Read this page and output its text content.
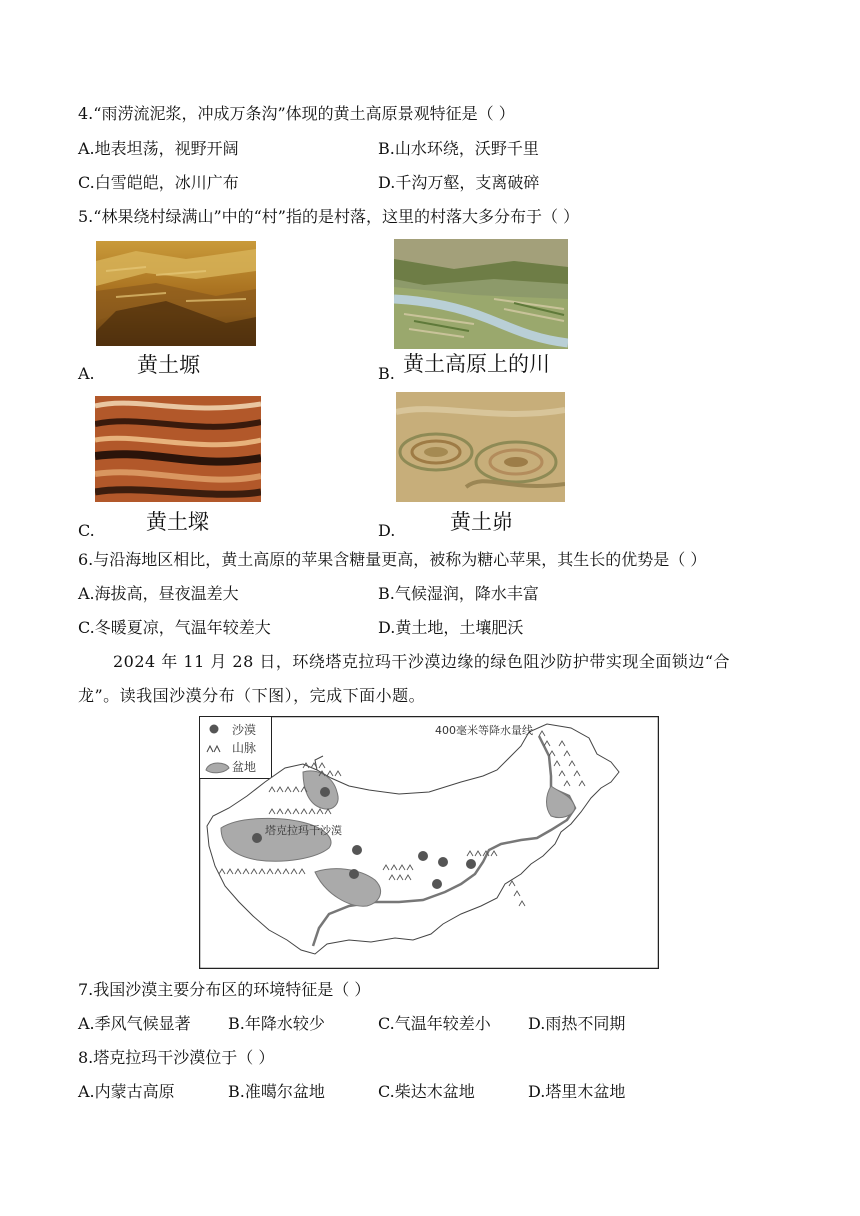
4.“雨涝流泥浆，冲成万条沟”体现的黄土高原景观特征是（ ）
A.地表坦荡，视野开阔	B.山水环绕，沃野千里
C.白雪皑皑，冰川广布	D.千沟万壑，支离破碎
5.“林果绕村绿满山”中的“村”指的是村落，这里的村落大多分布于（ ）
A. 黄土塬	B. 黄土高原上的川
C. 黄土墚	D.	黄土峁
6.与沿海地区相比，黄土高原的苹果含糖量更高，被称为糖心苹果，其生长的优势是（ ）
A.海拔高，昼夜温差大	B.气候湿润，降水丰富
C.冬暖夏凉，气温年较差大	D.黄土地，土壤肥沃
2024 年 11 月 28 日，环绕塔克拉玛干沙漠边缘的绿色阻沙防护带实现全面锁边“合
龙”。读我国沙漠分布（下图），完成下面小题。
沙漠
山脉
盆地
400毫米等降水量线
塔克拉玛干沙漠
7.我国沙漠主要分布区的环境特征是（ ）
A.季风气候显著 B.年降水较少	C.气温年较差小 D.雨热不同期
8.塔克拉玛干沙漠位于（ ）
A.内蒙古高原	B.准噶尔盆地	C.柴达木盆地	D.塔里木盆地
